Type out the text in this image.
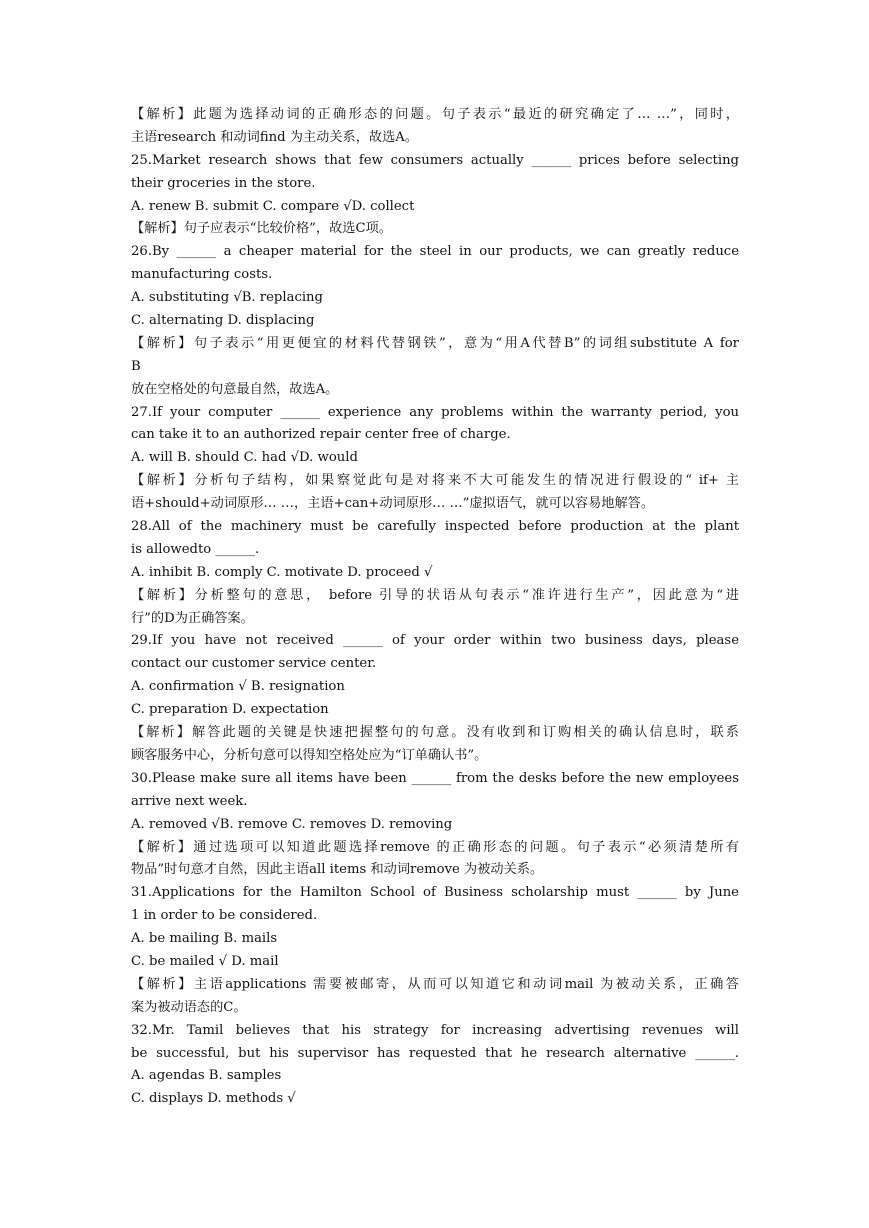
【解析】此题为选择动词的正确形态的问题。句子表示“最近的研究确定了… …”，同时，
主语research 和动词find 为主动关系，故选A。
25.Market research shows that few consumers actually ______ prices before selecting
their groceries in the store.
A. renew B. submit C. compare √D. collect
【解析】句子应表示“比较价格”，故选C项。
26.By ______ a cheaper material for the steel in our products, we can greatly reduce
manufacturing costs.
A. substituting √B. replacing
C. alternating D. displacing
【解析】句子表示“用更便宜的材料代替钢铁”，意为“用A代替B”的词组substitute A for
B
放在空格处的句意最自然，故选A。
27.If your computer ______ experience any problems within the warranty period, you
can take it to an authorized repair center free of charge.
A. will B. should C. had √D. would
【解析】分析句子结构，如果察觉此句是对将来不大可能发生的情况进行假设的“ if+ 主
语+should+动词原形… …，主语+can+动词原形… …”虚拟语气，就可以容易地解答。
28.All of the machinery must be carefully inspected before production at the plant
is allowedto ______.
A. inhibit B. comply C. motivate D. proceed √
【解析】分析整句的意思， before 引导的状语从句表示“准许进行生产”，因此意为“进
行”的D为正确答案。
29.If you have not received ______ of your order within two business days, please
contact our customer service center.
A. confirmation √ B. resignation
C. preparation D. expectation
【解析】解答此题的关键是快速把握整句的句意。没有收到和订购相关的确认信息时，联系
顾客服务中心，分析句意可以得知空格处应为“订单确认书”。
30.Please make sure all items have been ______ from the desks before the new employees
arrive next week.
A. removed √B. remove C. removes D. removing
【解析】通过选项可以知道此题选择remove 的正确形态的问题。句子表示“必须清楚所有
物品”时句意才自然，因此主语all items 和动词remove 为被动关系。
31.Applications for the Hamilton School of Business scholarship must ______ by June
1 in order to be considered.
A. be mailing B. mails
C. be mailed √ D. mail
【解析】主语applications 需要被邮寄，从而可以知道它和动词mail 为被动关系，正确答
案为被动语态的C。
32.Mr. Tamil believes that his strategy for increasing advertising revenues will
be successful, but his supervisor has requested that he research alternative ______.
A. agendas B. samples
C. displays D. methods √
